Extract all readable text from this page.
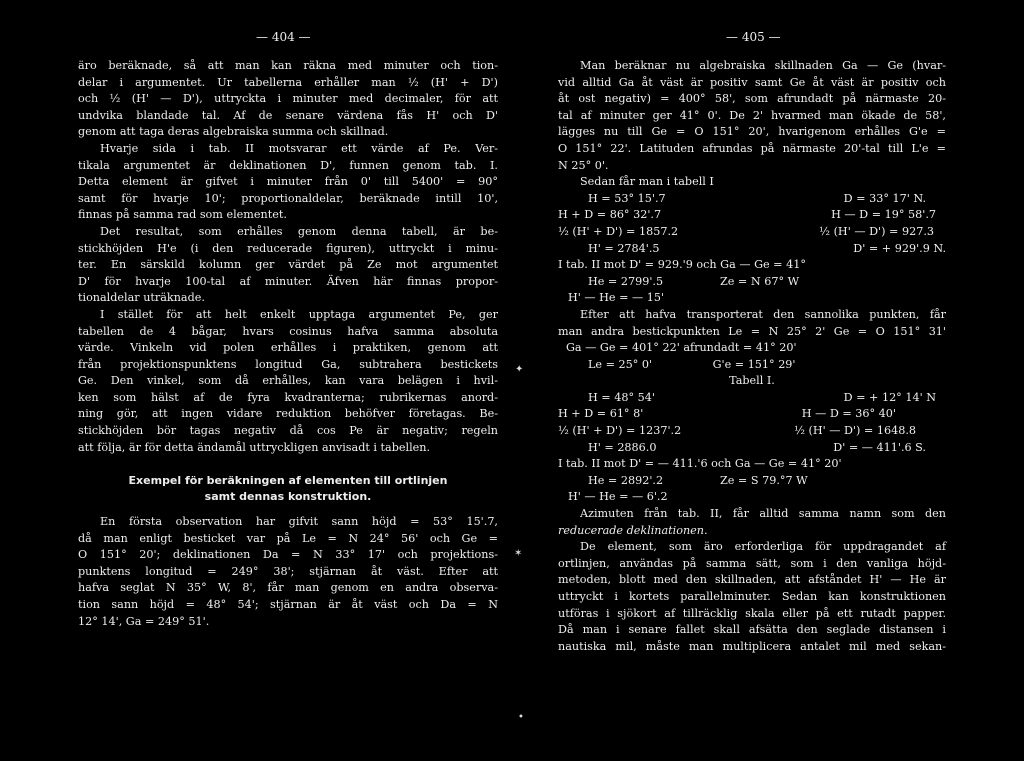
— 404 —
äro beräknade, så att man kan räkna med minuter och tion-
delar i argumentet. Ur tabellerna erhåller man ½ (H' + D')
och ½ (H' — D'), uttryckta i minuter med decimaler, för att
undvika blandade tal. Af de senare värdena fås H' och D'
genom att taga deras algebraiska summa och skillnad.
Hvarje sida i tab. II motsvarar ett värde af Pe. Ver-
tikala argumentet är deklinationen D', funnen genom tab. I.
Detta element är gifvet i minuter från 0' till 5400' = 90°
samt för hvarje 10'; proportionaldelar, beräknade intill 10',
finnas på samma rad som elementet.
Det resultat, som erhålles genom denna tabell, är be-
stickhöjden H'e (i den reducerade figuren), uttryckt i minu-
ter. En särskild kolumn ger värdet på Ze mot argumentet
D' för hvarje 100-tal af minuter. Äfven här finnas propor-
tionaldelar uträknade.
I stället för att helt enkelt upptaga argumentet Pe, ger
tabellen de 4 bågar, hvars cosinus hafva samma absoluta
värde. Vinkeln vid polen erhålles i praktiken, genom att
från projektionspunktens longitud Ga, subtrahera bestickets
Ge. Den vinkel, som då erhålles, kan vara belägen i hvil-
ken som hälst af de fyra kvadranterna; rubrikernas anord-
ning gör, att ingen vidare reduktion behöfver företagas. Be-
stickhöjden bör tagas negativ då cos Pe är negativ; regeln
att följa, är för detta ändamål uttryckligen anvisadt i tabellen.
Exempel för beräkningen af elementen till ortlinjen
samt dennas konstruktion.
En första observation har gifvit sann höjd = 53° 15'.7,
då man enligt besticket var på Le = N 24° 56' och Ge =
O 151° 20'; deklinationen Da = N 33° 17' och projektions-
punktens longitud = 249° 38'; stjärnan åt väst. Efter att
hafva seglat N 35° W, 8', får man genom en andra observa-
tion sann höjd = 48° 54'; stjärnan är åt väst och Da = N
12° 14', Ga = 249° 51'.
— 405 —
Man beräknar nu algebraiska skillnaden Ga — Ge (hvar-
vid alltid Ga åt väst är positiv samt Ge åt väst är positiv och
åt ost negativ) = 400° 58', som afrundadt på närmaste 20-
tal af minuter ger 41° 0'. De 2' hvarmed man ökade de 58',
lägges nu till Ge = O 151° 20', hvarigenom erhålles G'e =
O 151° 22'. Latituden afrundas på närmaste 20'-tal till L'e =
N 25° 0'.
Sedan får man i tabell I
H = 53° 15'.7	D = 33° 17' N.
H + D = 86° 32'.7	H — D = 19° 58'.7
½ (H' + D') = 1857.2	½ (H' — D') = 927.3
H' = 2784'.5	D' = + 929'.9 N.
I tab. II mot D' = 929.'9 och Ga — Ge = 41°
He = 2799'.5                Ze = N 67° W
H' — He = — 15'
Efter att hafva transporterat den sannolika punkten, får
man andra bestickpunkten Le = N 25° 2' Ge = O 151° 31'
Ga — Ge = 401° 22' afrundadt = 41° 20'
Le = 25° 0'                 G'e = 151° 29'
Tabell I.
H = 48° 54'	D = + 12° 14' N
H + D = 61° 8'	H — D = 36° 40'
½ (H' + D') = 1237'.2	½ (H' — D') = 1648.8
H' = 2886.0	D' = — 411'.6 S.
I tab. II mot D' = — 411.'6 och Ga — Ge = 41° 20'
He = 2892'.2                Ze = S 79.°7 W
H' — He = — 6'.2
Azimuten från tab. II, får alltid samma namn som den
reducerade deklinationen.
De element, som äro erforderliga för uppdragandet af
ortlinjen, användas på samma sätt, som i den vanliga höjd-
metoden, blott med den skillnaden, att afståndet H' — He är
uttryckt i kortets parallelminuter. Sedan kan konstruktionen
utföras i sjökort af tillräcklig skala eller på ett rutadt papper.
Då man i senare fallet skall afsätta den seglade distansen i
nautiska mil, måste man multiplicera antalet mil med sekan-
✦
✶
•
